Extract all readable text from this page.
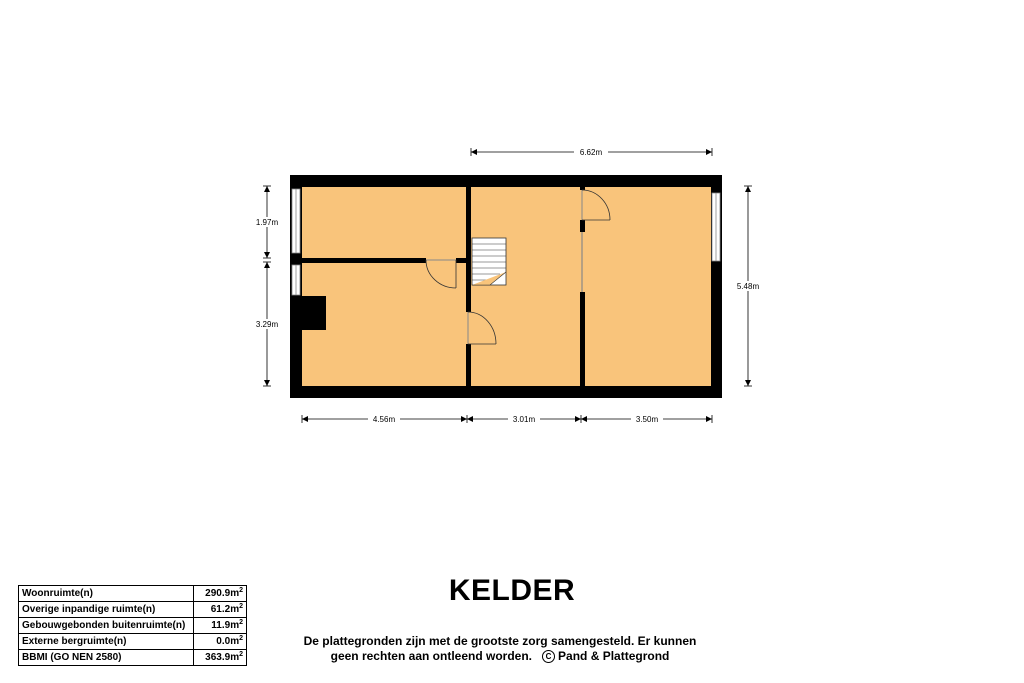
6.62m
1.97m
3.29m
5.48m
4.56m	3.01m	3.50m
Woonruimte(n)	$290.9m^2$
Overige inpandige ruimte(n)	$61.2m^2$
Gebouwgebonden buitenruimte(n)	$11.9m^2$
Externe bergruimte(n)	$0.0m^2$
BBMI (GO NEN 2580)	$363.9m^2$
KELDER
De plattegronden zijn met de grootste zorg samengesteld. Er kunnen
geen rechten aan ontleend worden. C Pand & Plattegrond
